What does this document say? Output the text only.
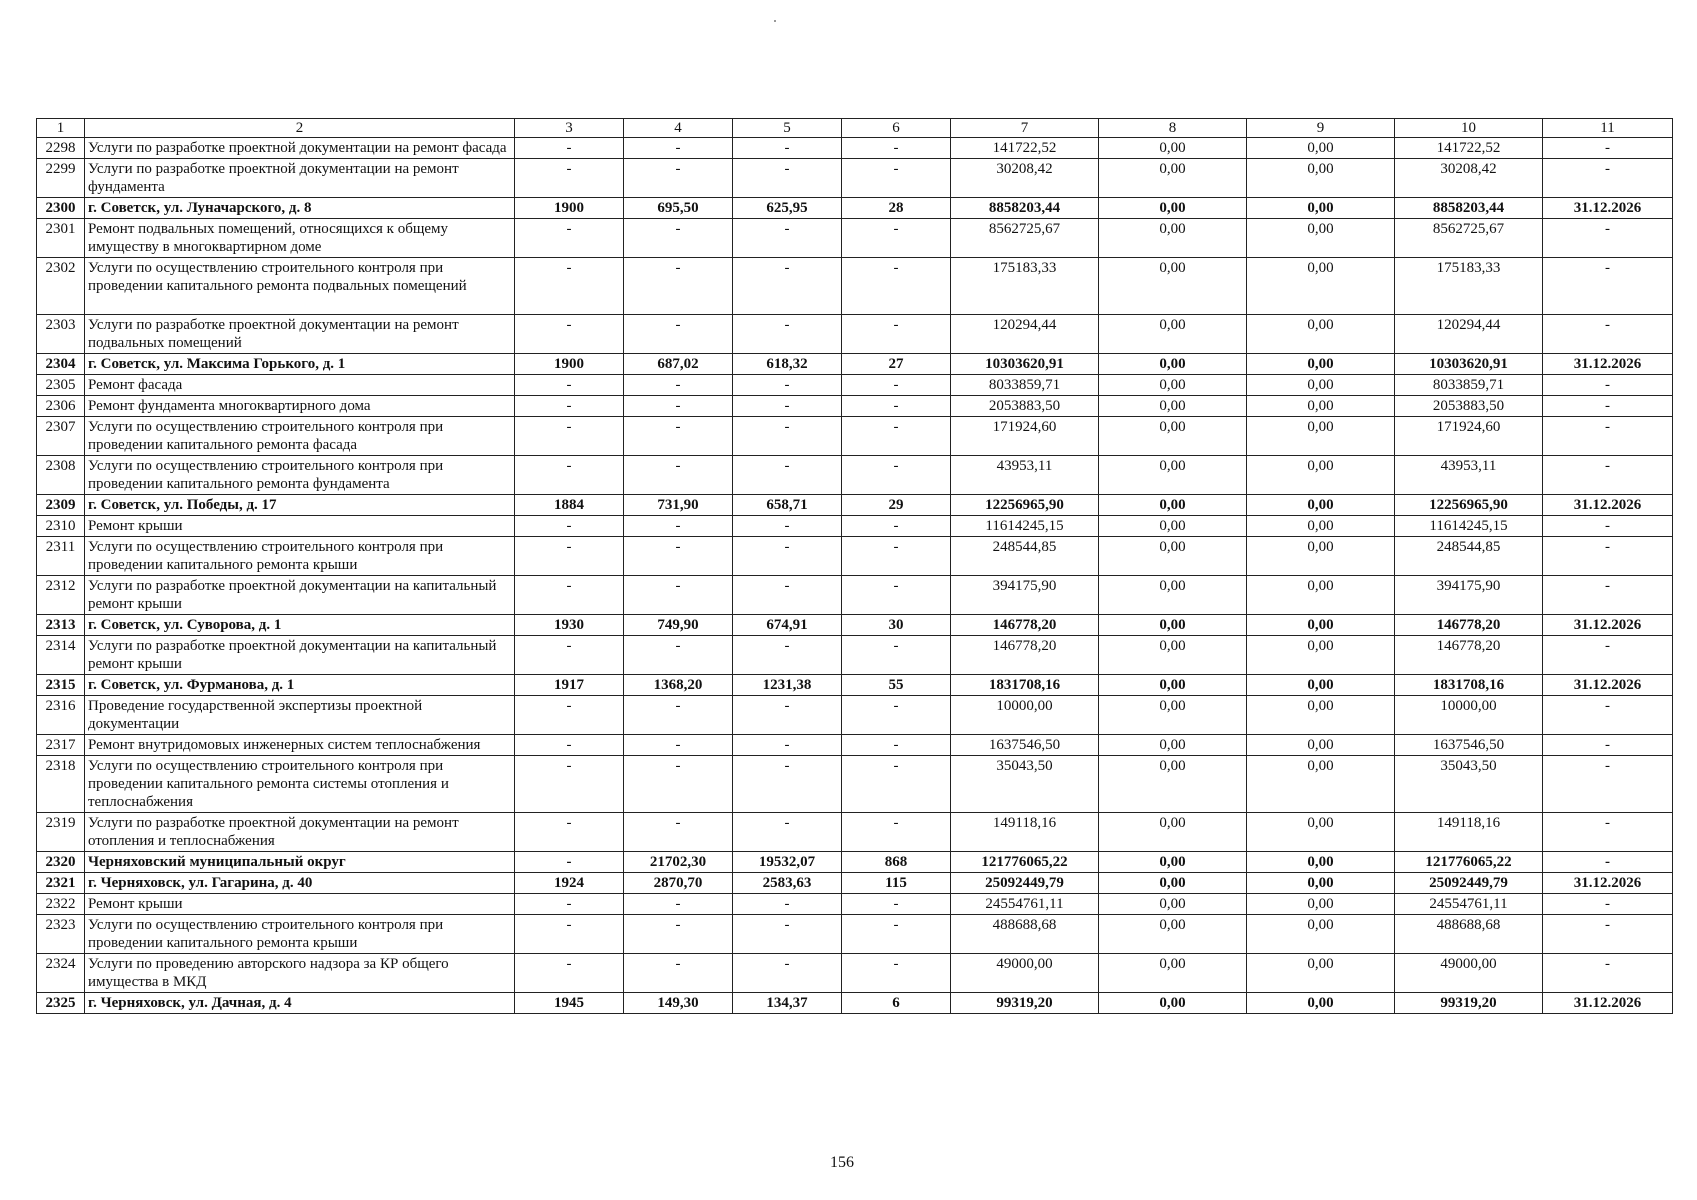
1	2	3	4	5	6	7	8	9	10	11
2298	Услуги по разработке проектной документации на ремонт фасада	-	-	-	-	141722,52	0,00	0,00	141722,52	-
2299	Услуги по разработке проектной документации на ремонт фундамента	-	-	-	-	30208,42	0,00	0,00	30208,42	-
2300	г. Советск, ул. Луначарского, д. 8	1900	695,50	625,95	28	8858203,44	0,00	0,00	8858203,44	31.12.2026
2301	Ремонт подвальных помещений, относящихся к общему имуществу в многоквартирном доме	-	-	-	-	8562725,67	0,00	0,00	8562725,67	-
2302	Услуги по осуществлению строительного контроля при проведении капитального ремонта подвальных помещений	-	-	-	-	175183,33	0,00	0,00	175183,33	-
2303	Услуги по разработке проектной документации на ремонт подвальных помещений	-	-	-	-	120294,44	0,00	0,00	120294,44	-
2304	г. Советск, ул. Максима Горького, д. 1	1900	687,02	618,32	27	10303620,91	0,00	0,00	10303620,91	31.12.2026
2305	Ремонт фасада	-	-	-	-	8033859,71	0,00	0,00	8033859,71	-
2306	Ремонт фундамента многоквартирного дома	-	-	-	-	2053883,50	0,00	0,00	2053883,50	-
2307	Услуги по осуществлению строительного контроля при проведении капитального ремонта фасада	-	-	-	-	171924,60	0,00	0,00	171924,60	-
2308	Услуги по осуществлению строительного контроля при проведении капитального ремонта фундамента	-	-	-	-	43953,11	0,00	0,00	43953,11	-
2309	г. Советск, ул. Победы, д. 17	1884	731,90	658,71	29	12256965,90	0,00	0,00	12256965,90	31.12.2026
2310	Ремонт крыши	-	-	-	-	11614245,15	0,00	0,00	11614245,15	-
2311	Услуги по осуществлению строительного контроля при проведении капитального ремонта крыши	-	-	-	-	248544,85	0,00	0,00	248544,85	-
2312	Услуги по разработке проектной документации на капитальный ремонт крыши	-	-	-	-	394175,90	0,00	0,00	394175,90	-
2313	г. Советск, ул. Суворова, д. 1	1930	749,90	674,91	30	146778,20	0,00	0,00	146778,20	31.12.2026
2314	Услуги по разработке проектной документации на капитальный ремонт крыши	-	-	-	-	146778,20	0,00	0,00	146778,20	-
2315	г. Советск, ул. Фурманова, д. 1	1917	1368,20	1231,38	55	1831708,16	0,00	0,00	1831708,16	31.12.2026
2316	Проведение государственной экспертизы проектной документации	-	-	-	-	10000,00	0,00	0,00	10000,00	-
2317	Ремонт внутридомовых инженерных систем теплоснабжения	-	-	-	-	1637546,50	0,00	0,00	1637546,50	-
2318	Услуги по осуществлению строительного контроля при проведении капитального ремонта системы отопления и теплоснабжения	-	-	-	-	35043,50	0,00	0,00	35043,50	-
2319	Услуги по разработке проектной документации на ремонт отопления и теплоснабжения	-	-	-	-	149118,16	0,00	0,00	149118,16	-
2320	Черняховский муниципальный округ	-	21702,30	19532,07	868	121776065,22	0,00	0,00	121776065,22	-
2321	г. Черняховск, ул. Гагарина, д. 40	1924	2870,70	2583,63	115	25092449,79	0,00	0,00	25092449,79	31.12.2026
2322	Ремонт крыши	-	-	-	-	24554761,11	0,00	0,00	24554761,11	-
2323	Услуги по осуществлению строительного контроля при проведении капитального ремонта крыши	-	-	-	-	488688,68	0,00	0,00	488688,68	-
2324	Услуги по проведению авторского надзора за КР общего имущества в МКД	-	-	-	-	49000,00	0,00	0,00	49000,00	-
2325	г. Черняховск, ул. Дачная, д. 4	1945	149,30	134,37	6	99319,20	0,00	0,00	99319,20	31.12.2026
156
